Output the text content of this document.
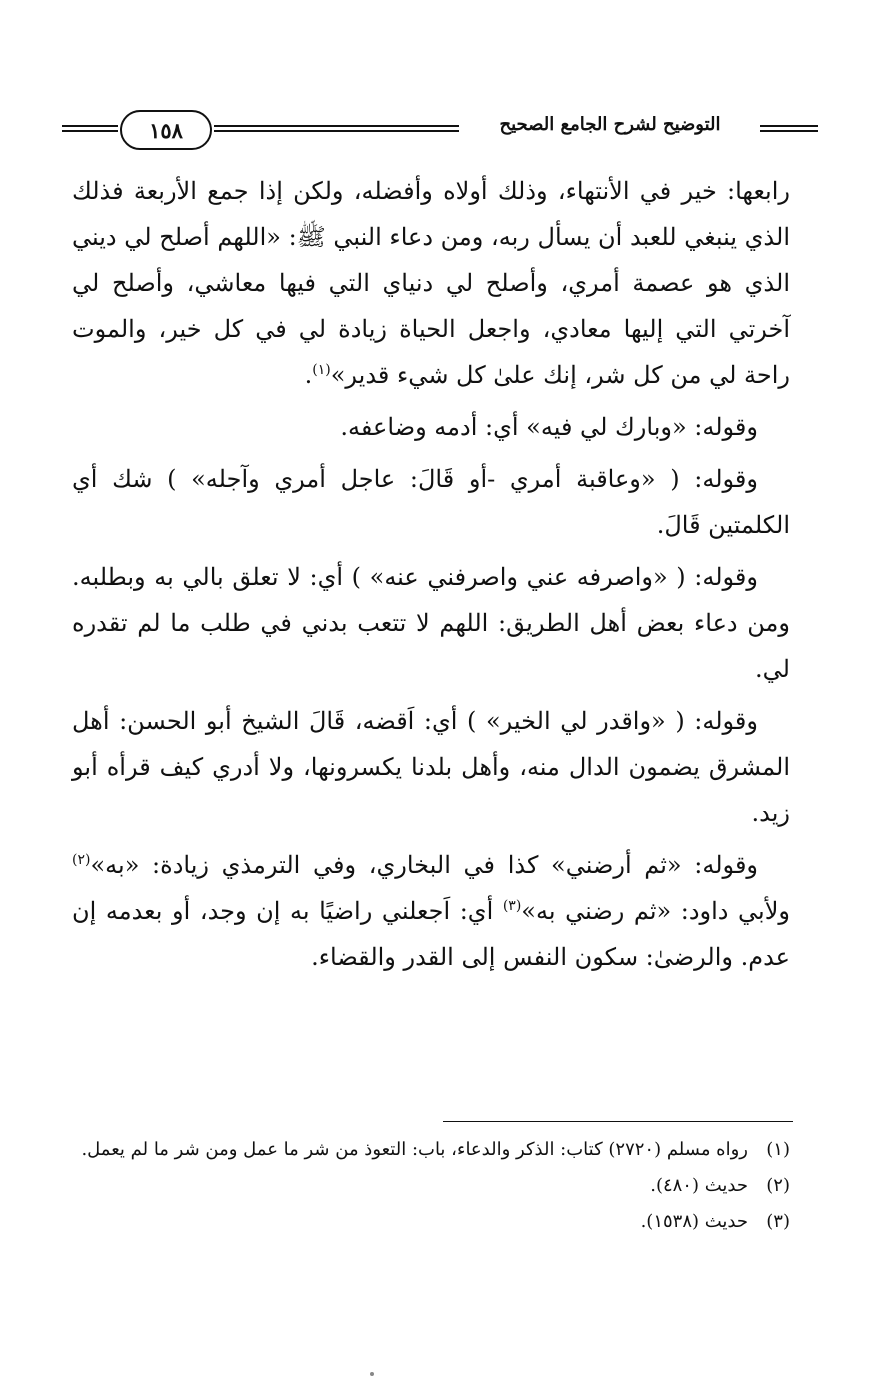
١٥٨	التوضيح لشرح الجامع الصحيح

رابعها: خير في الأنتهاء، وذلك أولاه وأفضله، ولكن إذا جمع الأربعة فذلك الذي ينبغي للعبد أن يسأل ربه، ومن دعاء النبي ﷺ: «اللهم أصلح لي ديني الذي هو عصمة أمري، وأصلح لي دنياي التي فيها معاشي، وأصلح لي آخرتي التي إليها معادي، واجعل الحياة زيادة لي في كل خير، والموت راحة لي من كل شر، إنك علىٰ كل شيء قدير»$^{(١)}$.

وقوله: «وبارك لي فيه» أي: أدمه وضاعفه.

وقوله: ( «وعاقبة أمري -أو قَالَ: عاجل أمري وآجله» ) شك أي الكلمتين قَالَ.

وقوله: ( «واصرفه عني واصرفني عنه» ) أي: لا تعلق بالي به وبطلبه. ومن دعاء بعض أهل الطريق: اللهم لا تتعب بدني في طلب ما لم تقدره لي.

وقوله: ( «واقدر لي الخير» ) أي: اَقضه، قَالَ الشيخ أبو الحسن: أهل المشرق يضمون الدال منه، وأهل بلدنا يكسرونها، ولا أدري كيف قرأه أبو زيد.

وقوله: «ثم أرضني» كذا في البخاري، وفي الترمذي زيادة: «به»$^{(٢)}$ ولأبي داود: «ثم رضني به»$^{(٣)}$ أي: اَجعلني راضيًا به إن وجد، أو بعدمه إن عدم. والرضىٰ: سكون النفس إلى القدر والقضاء.

(١)
رواه مسلم (٢٧٢٠) كتاب: الذكر والدعاء، باب: التعوذ من شر ما عمل ومن شر ما لم يعمل.
(٢)
حديث (٤٨٠).
(٣)
حديث (١٥٣٨).
